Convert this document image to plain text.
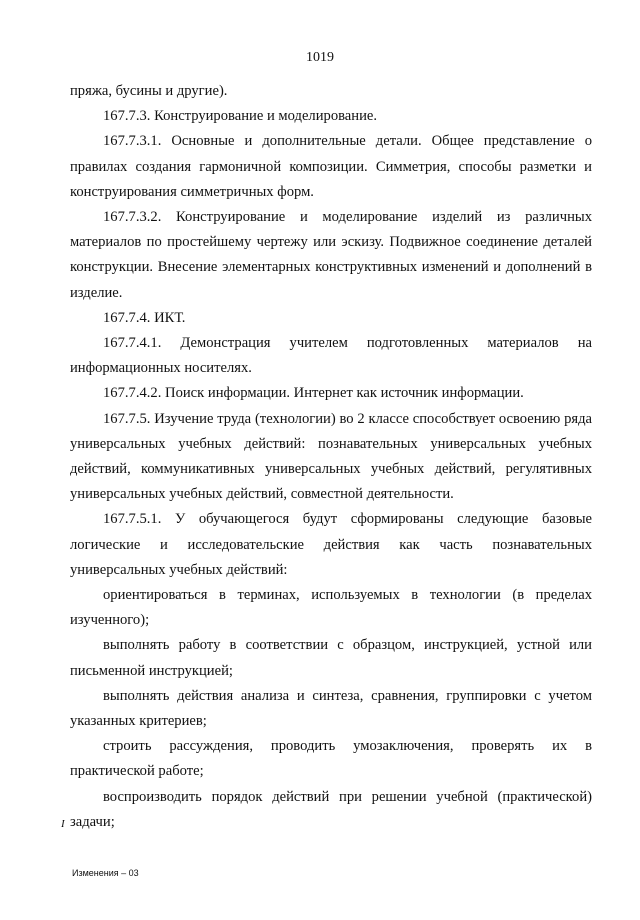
1019

пряжа, бусины и другие).

167.7.3. Конструирование и моделирование.

167.7.3.1. Основные и дополнительные детали. Общее представление о правилах создания гармоничной композиции. Симметрия, способы разметки и конструирования симметричных форм.

167.7.3.2. Конструирование и моделирование изделий из различных материалов по простейшему чертежу или эскизу. Подвижное соединение деталей конструкции. Внесение элементарных конструктивных изменений и дополнений в изделие.

167.7.4. ИКТ.

167.7.4.1. Демонстрация учителем подготовленных материалов на информационных носителях.

167.7.4.2. Поиск информации. Интернет как источник информации.

167.7.5. Изучение труда (технологии) во 2 классе способствует освоению ряда универсальных учебных действий: познавательных универсальных учебных действий, коммуникативных универсальных учебных действий, регулятивных универсальных учебных действий, совместной деятельности.

167.7.5.1. У обучающегося будут сформированы следующие базовые логические и исследовательские действия как часть познавательных универсальных учебных действий:

ориентироваться в терминах, используемых в технологии (в пределах изученного);

выполнять работу в соответствии с образцом, инструкцией, устной или письменной инструкцией;

выполнять действия анализа и синтеза, сравнения, группировки с учетом указанных критериев;

строить рассуждения, проводить умозаключения, проверять их в практической работе;

воспроизводить порядок действий при решении учебной (практической) задачи;

I
Изменения – 03
